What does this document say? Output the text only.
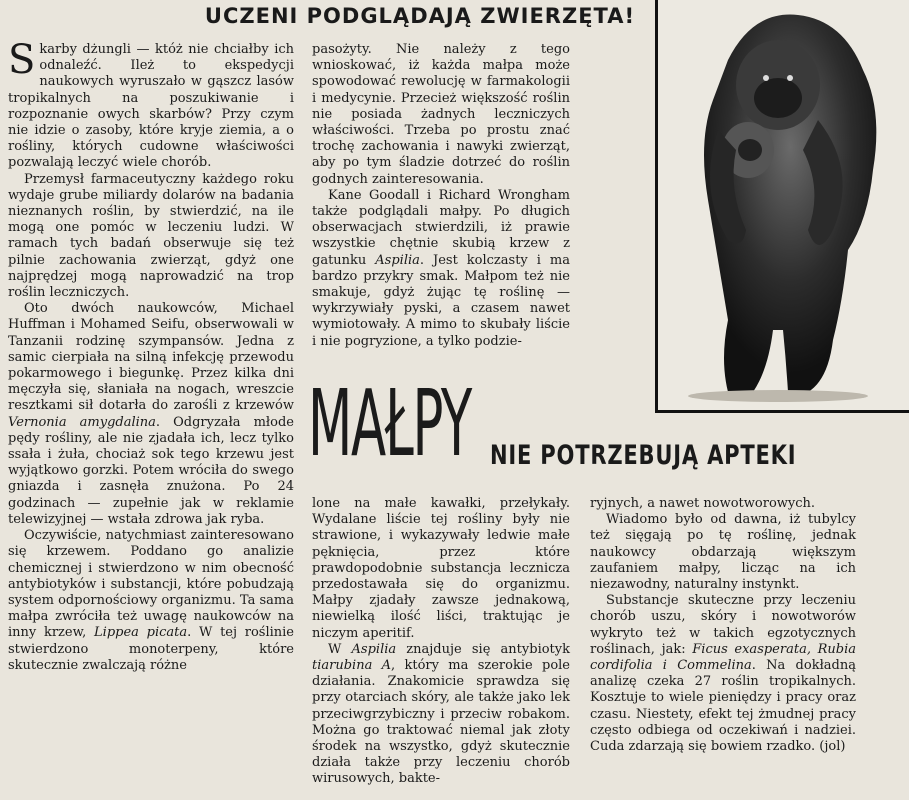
UCZENI PODGLĄDAJĄ ZWIERZĘTA!

Skarby dżungli — któż nie chciałby ich odnaleźć. Ileż to ekspedycji naukowych wyruszało w gąszcz lasów tropikalnych na poszukiwanie i rozpoznanie owych skarbów? Przy czym nie idzie o zasoby, które kryje ziemia, a o rośliny, których cudowne właściwości pozwalają leczyć wiele chorób.

Przemysł farmaceutyczny każdego roku wydaje grube miliardy dolarów na badania nieznanych roślin, by stwierdzić, na ile mogą one pomóc w leczeniu ludzi. W ramach tych badań obserwuje się też pilnie zachowania zwierząt, gdyż one najprędzej mogą naprowadzić na trop roślin leczniczych.

Oto dwóch naukowców, Michael Huffman i Mohamed Seifu, obserwowali w Tanzanii rodzinę szympansów. Jedna z samic cierpiała na silną infekcję przewodu pokarmowego i biegunkę. Przez kilka dni męczyła się, słaniała na nogach, wreszcie resztkami sił dotarła do zarośli z krzewów Vernonia amygdalina. Odgryzała młode pędy rośliny, ale nie zjadała ich, lecz tylko ssała i żuła, chociaż sok tego krzewu jest wyjątkowo gorzki. Potem wróciła do swego gniazda i zasnęła znużona. Po 24 godzinach — zupełnie jak w reklamie telewizyjnej — wstała zdrowa jak ryba.

Oczywiście, natychmiast zainteresowano się krzewem. Poddano go analizie chemicznej i stwierdzono w nim obecność antybiotyków i substancji, które pobudzają system odpornościowy organizmu. Ta sama małpa zwróciła też uwagę naukowców na inny krzew, Lippea picata. W tej roślinie stwierdzono monoterpeny, które skutecznie zwalczają różne

pasożyty. Nie należy z tego wnioskować, iż każda małpa może spowodować rewolucję w farmakologii i medycynie. Przecież większość roślin nie posiada żadnych leczniczych właściwości. Trzeba po prostu znać trochę zachowania i nawyki zwierząt, aby po tym śladzie dotrzeć do roślin godnych zainteresowania.

Kane Goodall i Richard Wrongham także podglądali małpy. Po długich obserwacjach stwierdzili, iż prawie wszystkie chętnie skubią krzew z gatunku Aspilia. Jest kolczasty i ma bardzo przykry smak. Małpom też nie smakuje, gdyż żując tę roślinę — wykrzywiały pyski, a czasem nawet wymiotowały. A mimo to skubały liście i nie pogryzione, a tylko podzie-

MAŁPY NIE POTRZEBUJĄ APTEKI

lone na małe kawałki, przełykały. Wydalane liście tej rośliny były nie strawione, i wykazywały ledwie małe pęknięcia, przez które prawdopodobnie substancja lecznicza przedostawała się do organizmu. Małpy zjadały zawsze jednakową, niewielką ilość liści, traktując je niczym aperitif.

W Aspilia znajduje się antybiotyk tiarubina A, który ma szerokie pole działania. Znakomicie sprawdza się przy otarciach skóry, ale także jako lek przeciwgrzybiczny i przeciw robakom. Można go traktować niemal jak złoty środek na wszystko, gdyż skutecznie działa także przy leczeniu chorób wirusowych, bakte-

ryjnych, a nawet nowotworowych.

Wiadomo było od dawna, iż tubylcy też sięgają po tę roślinę, jednak naukowcy obdarzają większym zaufaniem małpy, licząc na ich niezawodny, naturalny instynkt.

Substancje skuteczne przy leczeniu chorób uszu, skóry i nowotworów wykryto też w takich egzotycznych roślinach, jak: Ficus exasperata, Rubia cordifolia i Commelina. Na dokładną analizę czeka 27 roślin tropikalnych. Kosztuje to wiele pieniędzy i pracy oraz czasu. Niestety, efekt tej żmudnej pracy często odbiega od oczekiwań i nadziei. Cuda zdarzają się bowiem rzadko. (jol)
